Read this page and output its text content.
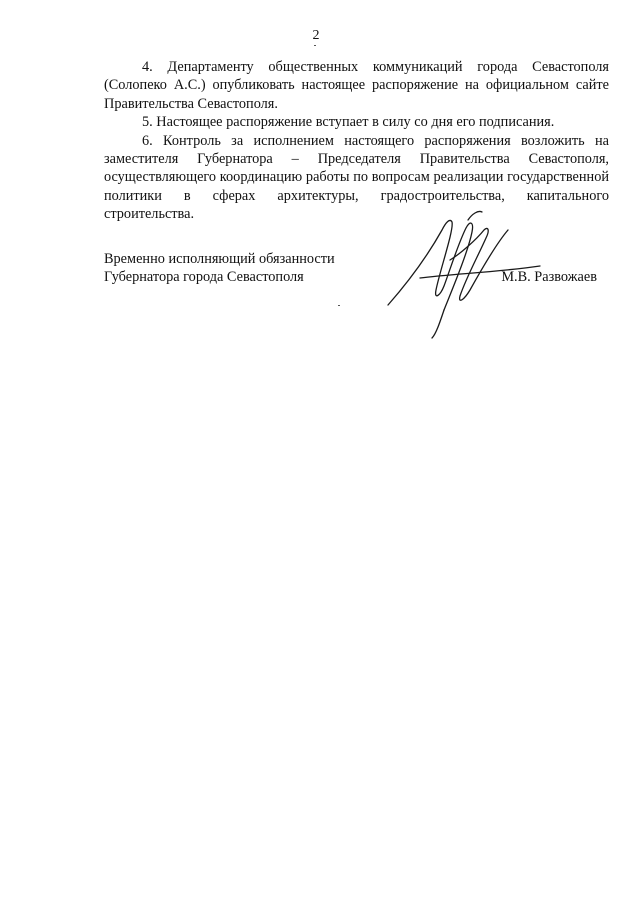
2

4. Департаменту общественных коммуникаций города Севастополя (Солопеко А.С.) опубликовать настоящее распоряжение на официальном сайте Правительства Севастополя.

5. Настоящее распоряжение вступает в силу со дня его подписания.

6. Контроль за исполнением настоящего распоряжения возложить на заместителя Губернатора – Председателя Правительства Севастополя, осуществляющего координацию работы по вопросам реализации государственной политики в сферах архитектуры, градостроительства, капитального строительства.

Временно исполняющий обязанности
Губернатора города Севастополя	М.В. Развожаев
